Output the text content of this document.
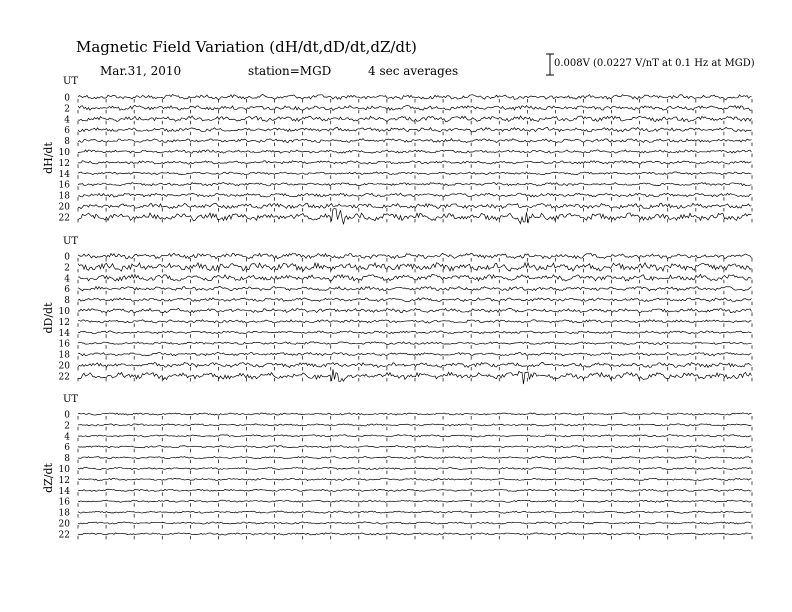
Magnetic Field Variation (dH/dt,dD/dt,dZ/dt)
Mar.31, 2010	station=MGD	4 sec averages
0.008V (0.0227 V/nT at 0.1 Hz at MGD)
UT
dH/dt
0
2
4
6
8
10
12
14
16
18
20
22
UT
dD/dt
0
2
4
6
8
10
12
14
16
18
20
22
UT
dZ/dt
0
2
4
6
8
10
12
14
16
18
20
22
